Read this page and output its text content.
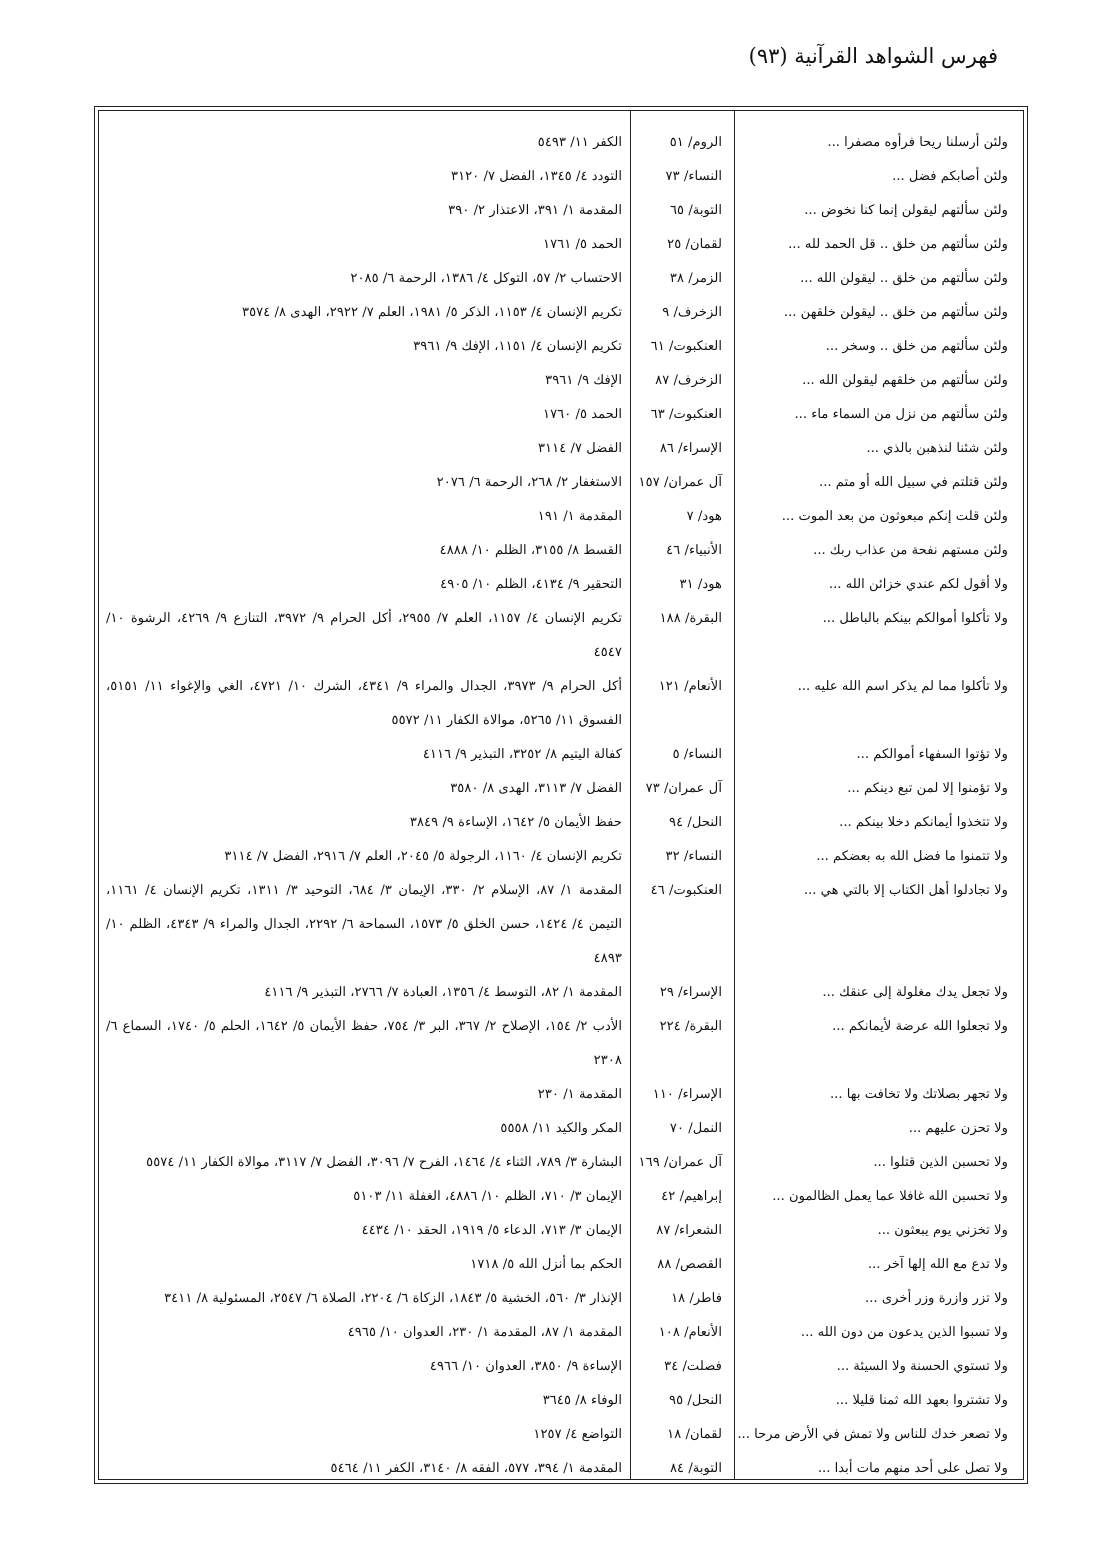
فهرس الشواهد القرآنية (٩٣)
ولئن أرسلنا ريحا فرأوه مصفرا ...
الروم/ ٥١
الكفر ١١/ ٥٤٩٣
ولئن أصابكم فضل ...
النساء/ ٧٣
التودد ٤/ ١٣٤٥، الفضل ٧/ ٣١٢٠
ولئن سألتهم ليقولن إنما كنا نخوض ...
التوبة/ ٦٥
المقدمة ١/ ٣٩١، الاعتذار ٢/ ٣٩٠
ولئن سألتهم من خلق .. قل الحمد لله ...
لقمان/ ٢٥
الحمد ٥/ ١٧٦١
ولئن سألتهم من خلق .. ليقولن الله ...
الزمر/ ٣٨
الاحتساب ٢/ ٥٧، التوكل ٤/ ١٣٨٦، الرحمة ٦/ ٢٠٨٥
ولئن سألتهم من خلق .. ليقولن خلقهن ...
الزخرف/ ٩
تكريم الإنسان ٤/ ١١٥٣، الذكر ٥/ ١٩٨١، العلم ٧/ ٢٩٢٢، الهدى ٨/ ٣٥٧٤
ولئن سألتهم من خلق .. وسخر ...
العنكبوت/ ٦١
تكريم الإنسان ٤/ ١١٥١، الإفك ٩/ ٣٩٦١
ولئن سألتهم من خلقهم ليقولن الله ...
الزخرف/ ٨٧
الإفك ٩/ ٣٩٦١
ولئن سألتهم من نزل من السماء ماء ...
العنكبوت/ ٦٣
الحمد ٥/ ١٧٦٠
ولئن شئنا لنذهبن بالذي ...
الإسراء/ ٨٦
الفضل ٧/ ٣١١٤
ولئن قتلتم في سبيل الله أو متم ...
آل عمران/ ١٥٧
الاستغفار ٢/ ٢٦٨، الرحمة ٦/ ٢٠٧٦
ولئن قلت إنكم مبعوثون من بعد الموت ...
هود/ ٧
المقدمة ١/ ١٩١
ولئن مستهم نفحة من عذاب ربك ...
الأنبياء/ ٤٦
القسط ٨/ ٣١٥٥، الظلم ١٠/ ٤٨٨٨
ولا أقول لكم عندي خزائن الله ...
هود/ ٣١
التحقير ٩/ ٤١٣٤، الظلم ١٠/ ٤٩٠٥
ولا تأكلوا أموالكم بينكم بالباطل ...
البقرة/ ١٨٨
تكريم الإنسان ٤/ ١١٥٧، العلم ٧/ ٢٩٥٥، أكل الحرام ٩/ ٣٩٧٢، التنازع ٩/ ٤٢٦٩، الرشوة ١٠/ ٤٥٤٧
ولا تأكلوا مما لم يذكر اسم الله عليه ...
الأنعام/ ١٢١
أكل الحرام ٩/ ٣٩٧٣، الجدال والمراء ٩/ ٤٣٤١، الشرك ١٠/ ٤٧٢١، الغي والإغواء ١١/ ٥١٥١، الفسوق ١١/ ٥٢٦٥، موالاة الكفار ١١/ ٥٥٧٢
ولا تؤتوا السفهاء أموالكم ...
النساء/ ٥
كفالة اليتيم ٨/ ٣٢٥٢، التبذير ٩/ ٤١١٦
ولا تؤمنوا إلا لمن تبع دينكم ...
آل عمران/ ٧٣
الفضل ٧/ ٣١١٣، الهدى ٨/ ٣٥٨٠
ولا تتخذوا أيمانكم دخلا بينكم ...
النحل/ ٩٤
حفظ الأيمان ٥/ ١٦٤٢، الإساءة ٩/ ٣٨٤٩
ولا تتمنوا ما فضل الله به بعضكم ...
النساء/ ٣٢
تكريم الإنسان ٤/ ١١٦٠، الرجولة ٥/ ٢٠٤٥، العلم ٧/ ٢٩١٦، الفضل ٧/ ٣١١٤
ولا تجادلوا أهل الكتاب إلا بالتي هي ...
العنكبوت/ ٤٦
المقدمة ١/ ٨٧، الإسلام ٢/ ٣٣٠، الإيمان ٣/ ٦٨٤، التوحيد ٣/ ١٣١١، تكريم الإنسان ٤/ ١١٦١، التيمن ٤/ ١٤٢٤، حسن الخلق ٥/ ١٥٧٣، السماحة ٦/ ٢٢٩٢، الجدال والمراء ٩/ ٤٣٤٣، الظلم ١٠/ ٤٨٩٣
ولا تجعل يدك مغلولة إلى عنقك ...
الإسراء/ ٢٩
المقدمة ١/ ٨٢، التوسط ٤/ ١٣٥٦، العبادة ٧/ ٢٧٦٦، التبذير ٩/ ٤١١٦
ولا تجعلوا الله عرضة لأيمانكم ...
البقرة/ ٢٢٤
الأدب ٢/ ١٥٤، الإصلاح ٢/ ٣٦٧، البر ٣/ ٧٥٤، حفظ الأيمان ٥/ ١٦٤٢، الحلم ٥/ ١٧٤٠، السماع ٦/ ٢٣٠٨
ولا تجهر بصلاتك ولا تخافت بها ...
الإسراء/ ١١٠
المقدمة ١/ ٢٣٠
ولا تحزن عليهم ...
النمل/ ٧٠
المكر والكيد ١١/ ٥٥٥٨
ولا تحسبن الذين قتلوا ...
آل عمران/ ١٦٩
البشارة ٣/ ٧٨٩، الثناء ٤/ ١٤٦٤، الفرح ٧/ ٣٠٩٦، الفضل ٧/ ٣١١٧، موالاة الكفار ١١/ ٥٥٧٤
ولا تحسبن الله غافلا عما يعمل الظالمون ...
إبراهيم/ ٤٢
الإيمان ٣/ ٧١٠، الظلم ١٠/ ٤٨٨٦، الغفلة ١١/ ٥١٠٣
ولا تخزني يوم يبعثون ...
الشعراء/ ٨٧
الإيمان ٣/ ٧١٣، الدعاء ٥/ ١٩١٩، الحقد ١٠/ ٤٤٣٤
ولا تدع مع الله إلها آخر ...
القصص/ ٨٨
الحكم بما أنزل الله ٥/ ١٧١٨
ولا تزر وازرة وزر أخرى ...
فاطر/ ١٨
الإنذار ٣/ ٥٦٠، الخشية ٥/ ١٨٤٣، الزكاة ٦/ ٢٢٠٤، الصلاة ٦/ ٢٥٤٧، المسئولية ٨/ ٣٤١١
ولا تسبوا الذين يدعون من دون الله ...
الأنعام/ ١٠٨
المقدمة ١/ ٨٧، المقدمة ١/ ٢٣٠، العدوان ١٠/ ٤٩٦٥
ولا تستوي الحسنة ولا السيئة ...
فصلت/ ٣٤
الإساءة ٩/ ٣٨٥٠، العدوان ١٠/ ٤٩٦٦
ولا تشتروا بعهد الله ثمنا قليلا ...
النحل/ ٩٥
الوفاء ٨/ ٣٦٤٥
ولا تصعر خدك للناس ولا تمش في الأرض مرحا ...
لقمان/ ١٨
التواضع ٤/ ١٢٥٧
ولا تصل على أحد منهم مات أبدا ...
التوبة/ ٨٤
المقدمة ١/ ٣٩٤، ٥٧٧، الفقه ٨/ ٣١٤٠، الكفر ١١/ ٥٤٦٤
